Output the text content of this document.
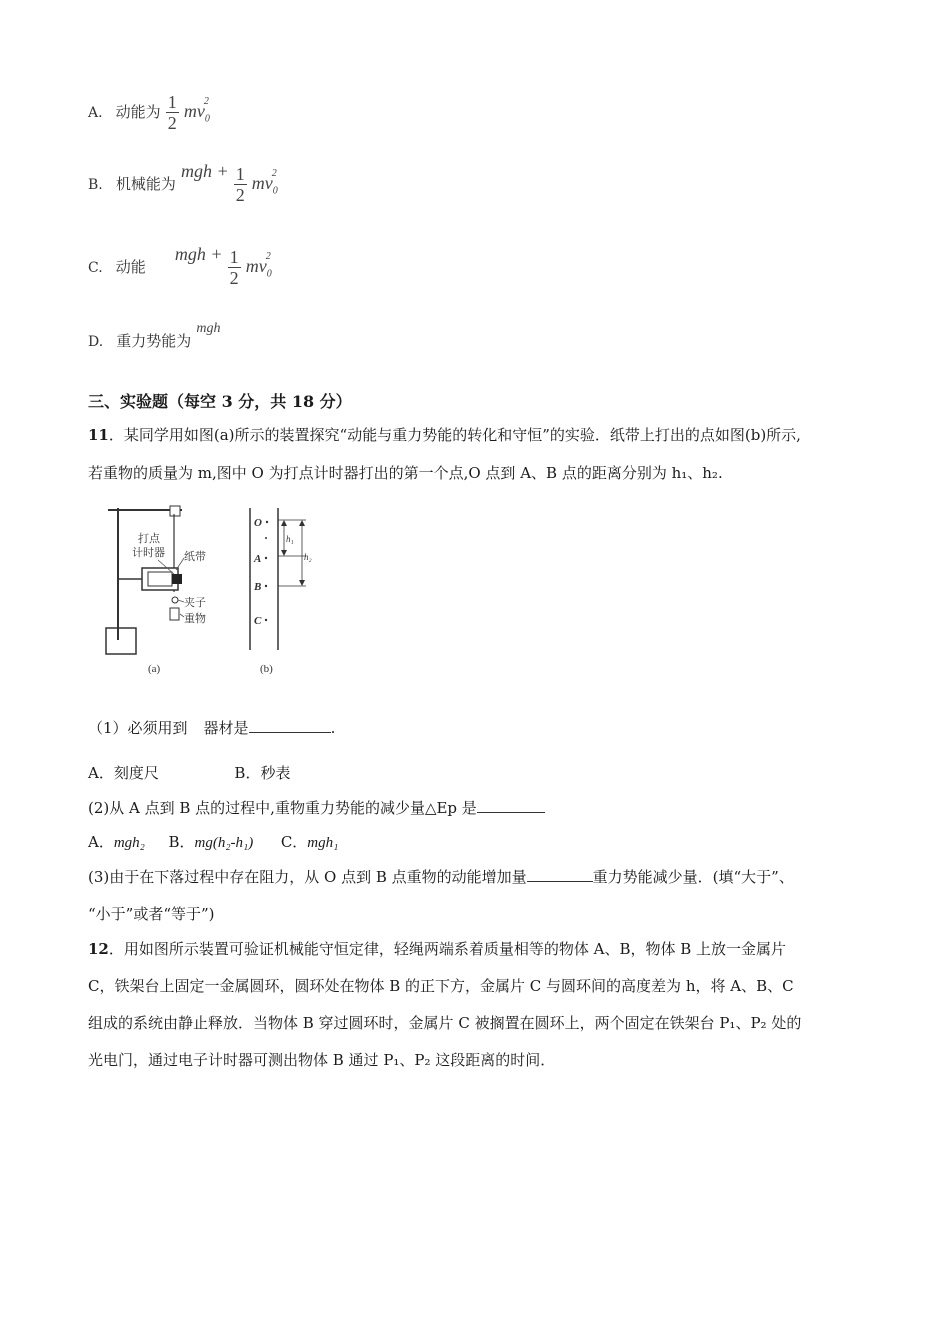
A. 动能为 $\frac{1}{2} mv_0^2$
B. 机械能为 mgh + $\frac{1}{2} mv_0^2$
C. 动能 mgh + $\frac{1}{2} mv_0^2$
D. 重力势能为 mgh
三、实验题（每空 3 分，共 18 分）
11．某同学用如图(a)所示的装置探究“动能与重力势能的转化和守恒”的实验．纸带上打出的点如图(b)所示,
若重物的质量为 m,图中 O 为打点计时器打出的第一个点,O 点到 A、B 点的距离分别为 h₁、h₂.
打点
计时器 纸带
夹子
重物
(a)
O
A
B
C
h₁
h₂
(b)
（1）必须用到 器材是	.
A．刻度尺	B．秒表
(2)从 A 点到 B 点的过程中,重物重力势能的减少量△Ep 是
A．mgh₂ B．mg(h₂-h₁) C．mgh₁
(3)由于在下落过程中存在阻力，从 O 点到 B 点重物的动能增加量	重力势能减少量．(填“大于”、
“小于”或者“等于”)
12．用如图所示装置可验证机械能守恒定律，轻绳两端系着质量相等的物体 A、B，物体 B 上放一金属片
C，铁架台上固定一金属圆环，圆环处在物体 B 的正下方，金属片 C 与圆环间的高度差为 h，将 A、B、C
组成的系统由静止释放．当物体 B 穿过圆环时，金属片 C 被搁置在圆环上，两个固定在铁架台 P₁、P₂ 处的
光电门，通过电子计时器可测出物体 B 通过 P₁、P₂ 这段距离的时间．
